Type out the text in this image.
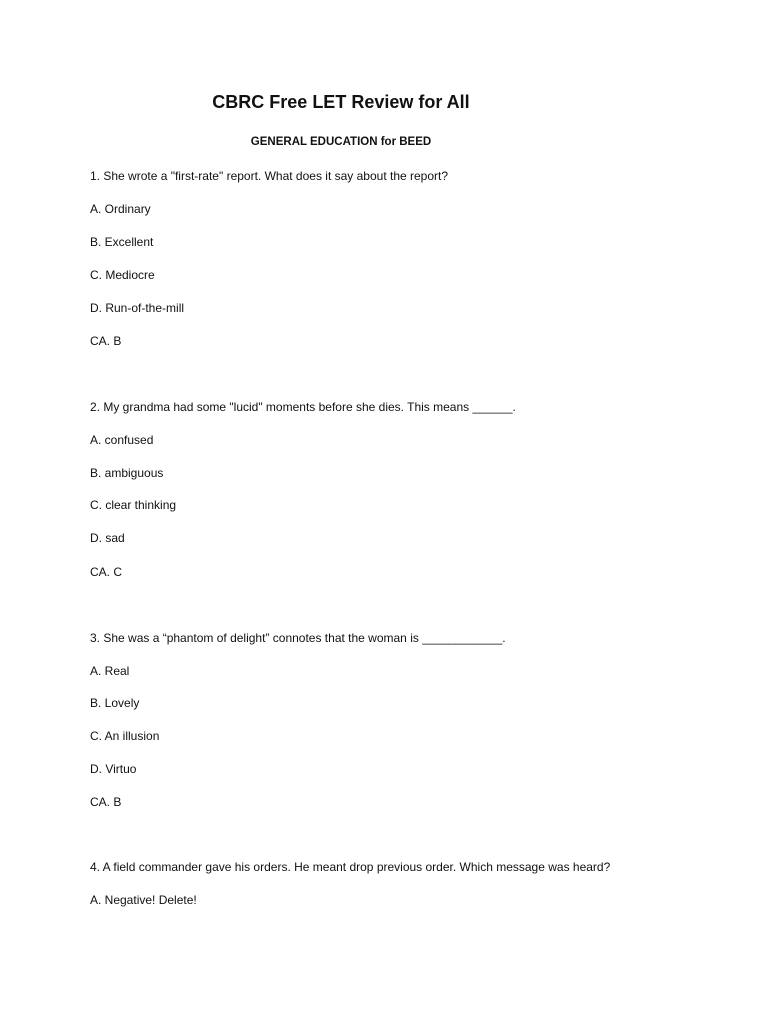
CBRC Free LET Review for All
GENERAL EDUCATION for BEED
1. She wrote a "first-rate" report. What does it say about the report?
A. Ordinary
B. Excellent
C. Mediocre
D. Run-of-the-mill
CA. B
2. My grandma had some "lucid" moments before she dies. This means ______.
A. confused
B. ambiguous
C. clear thinking
D. sad
CA. C
3. She was a “phantom of delight” connotes that the woman is ____________.
A. Real
B. Lovely
C. An illusion
D. Virtuo
CA. B
4. A field commander gave his orders. He meant drop previous order. Which message was heard?
A. Negative! Delete!
